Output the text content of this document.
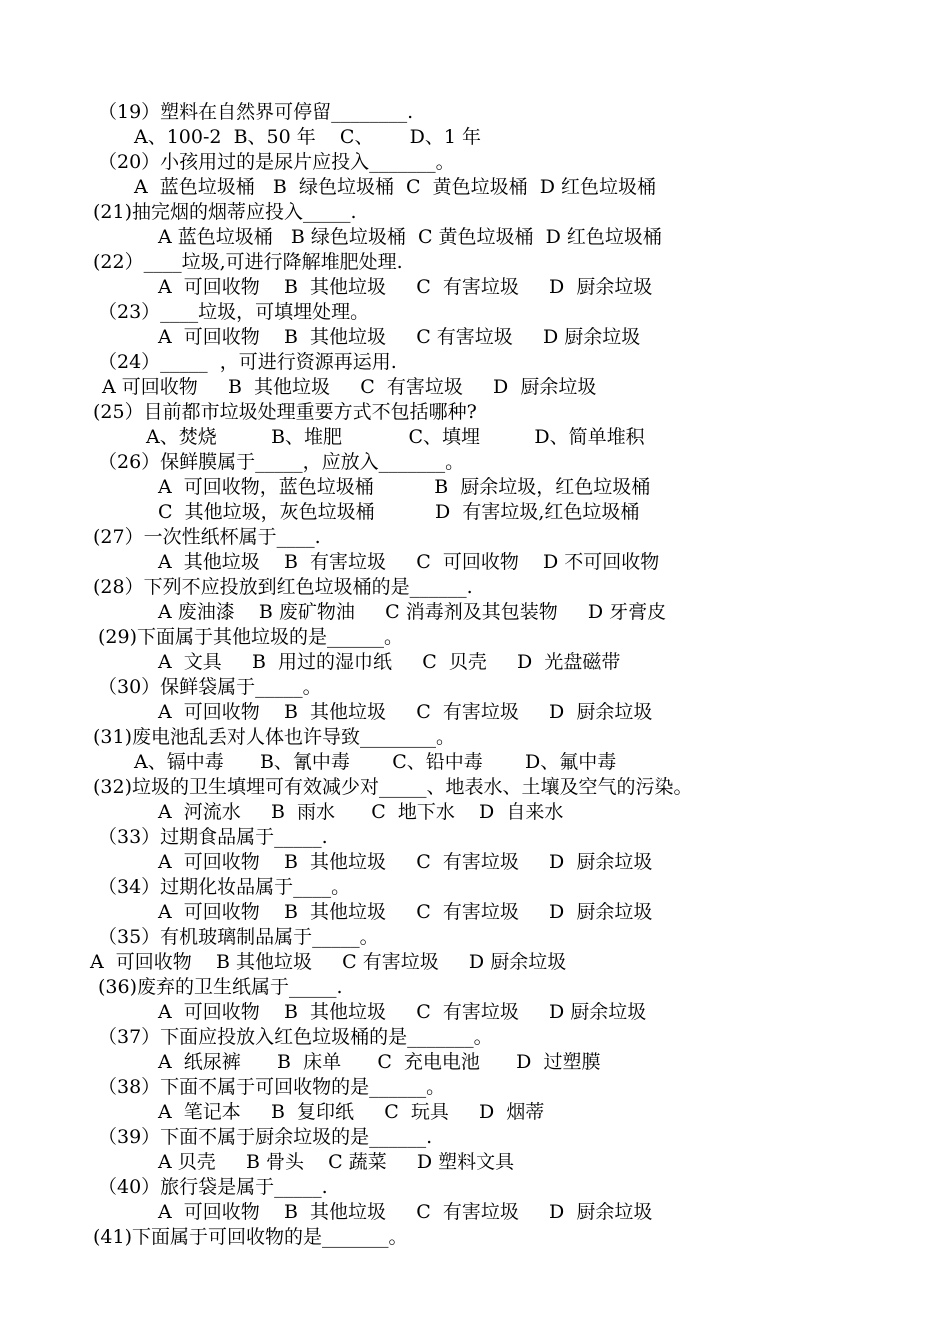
（19）塑料在自然界可停留________.
A、100-2  B、50 年    C、      D、1 年
（20）小孩用过的是尿片应投入_______。
A  蓝色垃圾桶   B  绿色垃圾桶  C  黄色垃圾桶  D 红色垃圾桶
(21)抽完烟的烟蒂应投入_____.
A 蓝色垃圾桶   B 绿色垃圾桶  C 黄色垃圾桶  D 红色垃圾桶
(22）____垃圾,可进行降解堆肥处理.
A  可回收物    B  其他垃圾     C  有害垃圾     D  厨余垃圾
（23）____垃圾，可填埋处理。
A  可回收物    B  其他垃圾     C 有害垃圾     D 厨余垃圾
（24）_____  ，可进行资源再运用.
A 可回收物     B  其他垃圾     C  有害垃圾     D  厨余垃圾
(25）目前都市垃圾处理重要方式不包括哪种?
A、焚烧         B、堆肥           C、填埋         D、简单堆积
（26）保鲜膜属于_____，应放入_______。
A  可回收物，蓝色垃圾桶          B  厨余垃圾，红色垃圾桶
C  其他垃圾，灰色垃圾桶          D  有害垃圾,红色垃圾桶
(27）一次性纸杯属于____.
A  其他垃圾    B  有害垃圾     C  可回收物    D 不可回收物
(28）下列不应投放到红色垃圾桶的是______.
A 废油漆    B 废矿物油     C 消毒剂及其包装物     D 牙膏皮
(29)下面属于其他垃圾的是______。
A  文具     B  用过的湿巾纸     C  贝壳     D  光盘磁带
（30）保鲜袋属于_____。
A  可回收物    B  其他垃圾     C  有害垃圾     D  厨余垃圾
(31)废电池乱丢对人体也许导致________。
A、镉中毒      B、氰中毒       C、铅中毒       D、氟中毒
(32)垃圾的卫生填埋可有效减少对_____、地表水、土壤及空气的污染。
A  河流水     B  雨水      C  地下水    D  自来水
（33）过期食品属于_____.
A  可回收物    B  其他垃圾     C  有害垃圾     D  厨余垃圾
（34）过期化妆品属于____。
A  可回收物    B  其他垃圾     C  有害垃圾     D  厨余垃圾
（35）有机玻璃制品属于_____。
A  可回收物    B 其他垃圾     C 有害垃圾     D 厨余垃圾
(36)废弃的卫生纸属于_____.
A  可回收物    B  其他垃圾     C  有害垃圾     D 厨余垃圾
（37）下面应投放入红色垃圾桶的是_______。
A  纸尿裤      B  床单      C  充电电池      D  过塑膜
（38）下面不属于可回收物的是______。
A  笔记本     B  复印纸     C  玩具     D  烟蒂
（39）下面不属于厨余垃圾的是______.
A 贝壳     B 骨头    C 蔬菜     D 塑料文具
（40）旅行袋是属于_____.
A  可回收物    B  其他垃圾     C  有害垃圾     D  厨余垃圾
(41)下面属于可回收物的是_______。
